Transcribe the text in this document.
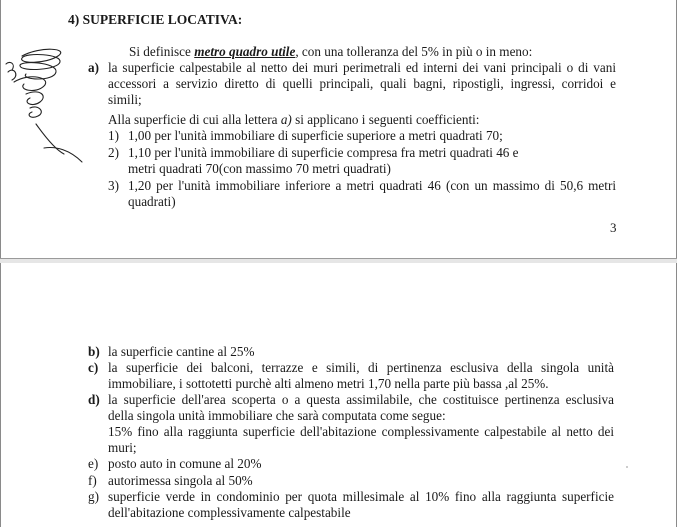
4) SUPERFICIE LOCATIVA:

Si definisce metro quadro utile, con una tolleranza del 5% in più o in meno:

a) la superficie calpestabile al netto dei muri perimetrali ed interni dei vani principali o di vani

accessori a servizio diretto di quelli principali, quali bagni, ripostigli, ingressi, corridoi e

simili;

Alla superficie di cui alla lettera a) si applicano i seguenti coefficienti:

1) 1,00 per l'unità immobiliare di superficie superiore a metri quadrati 70;

2) 1,10 per l'unità immobiliare di superficie compresa fra metri quadrati 46 e

metri quadrati 70(con massimo 70 metri quadrati)

3) 1,20 per l'unità immobiliare inferiore a metri quadrati 46 (con un massimo di 50,6 metri

quadrati)

3
b) la superficie cantine al 25%

c) la superficie dei balconi, terrazze e simili, di pertinenza esclusiva della singola unità

immobiliare, i sottotetti purchè alti almeno metri 1,70 nella parte più bassa ,al 25%.

d) la superficie dell'area scoperta o a questa assimilabile, che costituisce pertinenza esclusiva

della singola unità immobiliare che sarà computata come segue:

15% fino alla raggiunta superficie dell'abitazione complessivamente calpestabile al netto dei

muri;

e) posto auto in comune al 20%

f) autorimessa singola al 50%

g) superficie verde in condominio per quota millesimale al 10% fino alla raggiunta superficie

dell'abitazione complessivamente calpestabile
